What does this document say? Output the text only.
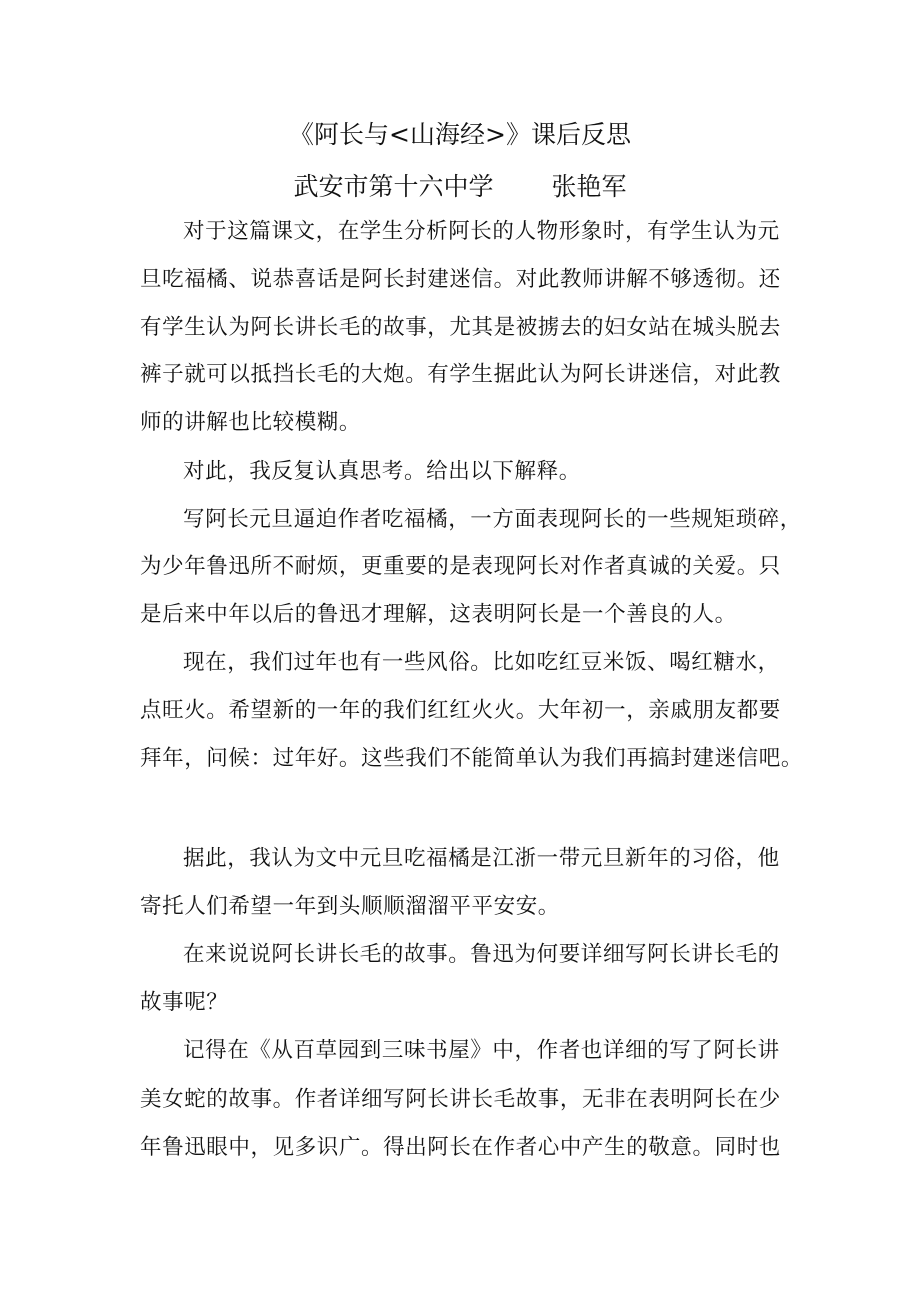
《阿长与<山海经>》课后反思
武安市第十六中学 张艳军
对于这篇课文，在学生分析阿长的人物形象时，有学生认为元
旦吃福橘、说恭喜话是阿长封建迷信。对此教师讲解不够透彻。还
有学生认为阿长讲长毛的故事，尤其是被掳去的妇女站在城头脱去
裤子就可以抵挡长毛的大炮。有学生据此认为阿长讲迷信，对此教
师的讲解也比较模糊。
对此，我反复认真思考。给出以下解释。
写阿长元旦逼迫作者吃福橘，一方面表现阿长的一些规矩琐碎，
为少年鲁迅所不耐烦，更重要的是表现阿长对作者真诚的关爱。只
是后来中年以后的鲁迅才理解，这表明阿长是一个善良的人。
现在，我们过年也有一些风俗。比如吃红豆米饭、喝红糖水，
点旺火。希望新的一年的我们红红火火。大年初一，亲戚朋友都要
拜年，问候：过年好。这些我们不能简单认为我们再搞封建迷信吧。
据此，我认为文中元旦吃福橘是江浙一带元旦新年的习俗，他
寄托人们希望一年到头顺顺溜溜平平安安。
在来说说阿长讲长毛的故事。鲁迅为何要详细写阿长讲长毛的
故事呢？
记得在《从百草园到三味书屋》中，作者也详细的写了阿长讲
美女蛇的故事。作者详细写阿长讲长毛故事，无非在表明阿长在少
年鲁迅眼中，见多识广。得出阿长在作者心中产生的敬意。同时也
